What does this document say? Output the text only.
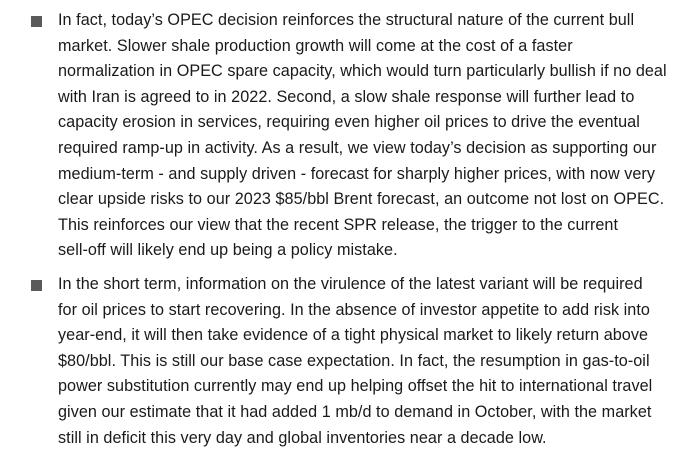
In fact, today’s OPEC decision reinforces the structural nature of the current bull
market. Slower shale production growth will come at the cost of a faster
normalization in OPEC spare capacity, which would turn particularly bullish if no deal
with Iran is agreed to in 2022. Second, a slow shale response will further lead to
capacity erosion in services, requiring even higher oil prices to drive the eventual
required ramp-up in activity. As a result, we view today’s decision as supporting our
medium-term - and supply driven - forecast for sharply higher prices, with now very
clear upside risks to our 2023 $85/bbl Brent forecast, an outcome not lost on OPEC.
This reinforces our view that the recent SPR release, the trigger to the current
sell-off will likely end up being a policy mistake.
In the short term, information on the virulence of the latest variant will be required
for oil prices to start recovering. In the absence of investor appetite to add risk into
year-end, it will then take evidence of a tight physical market to likely return above
$80/bbl. This is still our base case expectation. In fact, the resumption in gas-to-oil
power substitution currently may end up helping offset the hit to international travel
given our estimate that it had added 1 mb/d to demand in October, with the market
still in deficit this very day and global inventories near a decade low.
